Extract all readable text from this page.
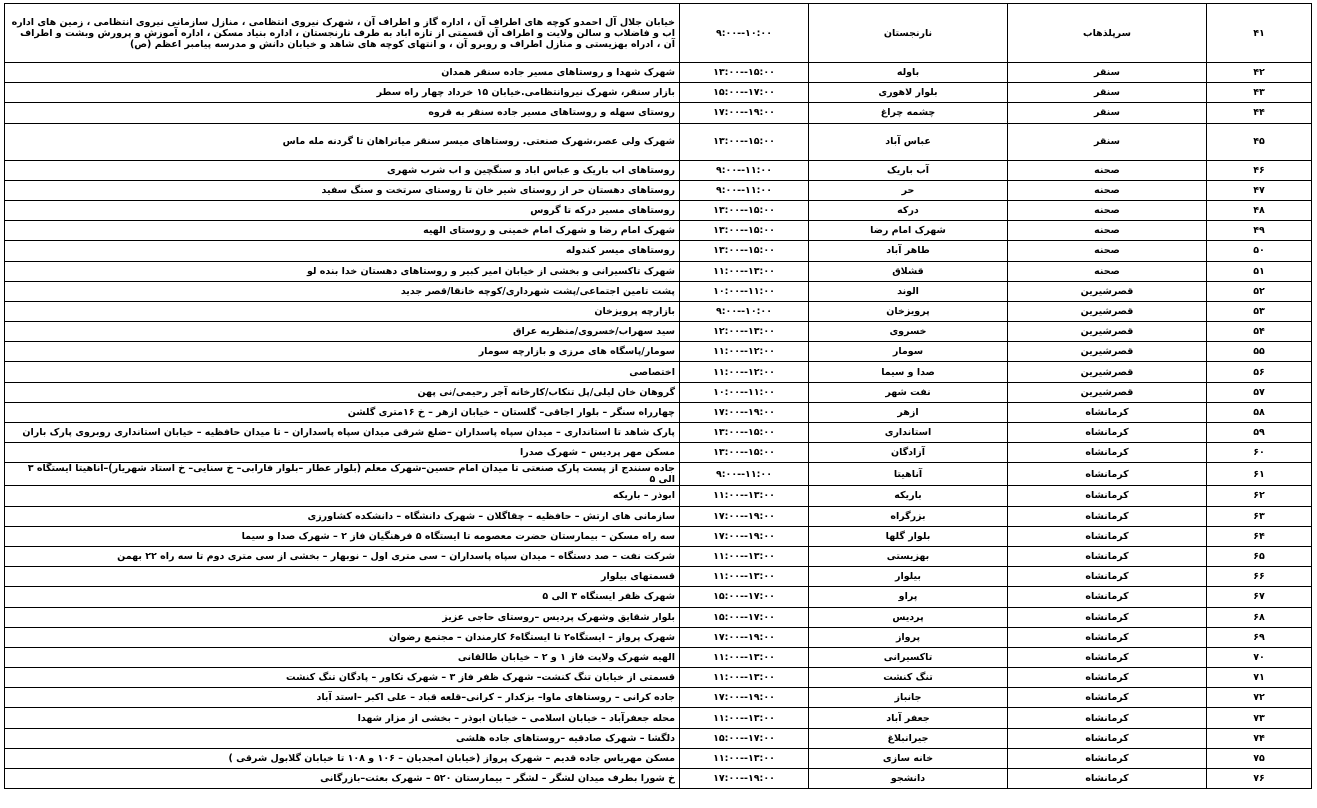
۴۱	سرپلذهاب	نارنجستان	۹:۰۰--۱۰:۰۰	خیابان جلال آل احمدو کوچه های اطراف آن ، اداره گاز و اطراف آن ، شهرک نیروی انتظامی ، منازل سازمانی نیروی انتظامی ، زمین های اداره اب و فاضلاب و سالن ولایت و اطراف آن قسمتی از تازه اباد به طرف نارنجستان ، اداره بنیاد مسکن ، اداره آموزش و پرورش وبشت و اطراف آن ، ادراه بهزیستی و منازل اطراف و روبرو آن ، و انتهای کوچه های شاهد و خیابان دانش و مدرسه پیامبر اعظم (ص)
۴۲	سنقر	باوله	۱۳:۰۰--۱۵:۰۰	شهرک شهدا و روستاهای مسیر جاده سنقر همدان
۴۳	سنقر	بلوار لاهوری	۱۵:۰۰--۱۷:۰۰	بازار سنقر، شهرک نیروانتظامی.خیابان ۱۵ خرداد چهار راه سطر
۴۴	سنقر	چشمه چراغ	۱۷:۰۰--۱۹:۰۰	روستای سهله و روستاهای مسیر جاده سنقر به قروه
۴۵	سنقر	عباس آباد	۱۳:۰۰--۱۵:۰۰	شهرک ولی عصر،شهرک صنعتی. روستاهای میسر سنقر میانراهان تا گردنه مله ماس
۴۶	صحنه	آب باریک	۹:۰۰--۱۱:۰۰	روستاهای اب باریک و عباس اباد و سنگچین و اب شرب شهری
۴۷	صحنه	حر	۹:۰۰--۱۱:۰۰	روستاهای دهستان حر از روستای شیر خان تا روستای سرتخت و سنگ سفید
۴۸	صحنه	درکه	۱۳:۰۰--۱۵:۰۰	روستاهای مسیر درکه تا گروس
۴۹	صحنه	شهرک امام رضا	۱۳:۰۰--۱۵:۰۰	شهرک امام رضا و شهرک امام خمینی و روستای الهیه
۵۰	صحنه	طاهر آباد	۱۳:۰۰--۱۵:۰۰	روستاهای میسر کندوله
۵۱	صحنه	قشلاق	۱۱:۰۰--۱۳:۰۰	شهرک تاکسیرانی و بخشی از خیابان امیر کبیر و روستاهای دهستان خدا بنده لو
۵۲	قصرشیرین	الوند	۱۰:۰۰--۱۱:۰۰	پشت تامین اجتماعی/پشت شهرداری/کوچه خانقا/قصر جدید
۵۳	قصرشیرین	پرویزخان	۹:۰۰--۱۰:۰۰	بازارچه پرویزخان
۵۴	قصرشیرین	خسروی	۱۲:۰۰--۱۳:۰۰	سید سهراب/خسروی/منظریه عراق
۵۵	قصرشیرین	سومار	۱۱:۰۰--۱۲:۰۰	سومار/پاسگاه های مرزی و بازارچه سومار
۵۶	قصرشیرین	صدا و سیما	۱۱:۰۰--۱۲:۰۰	اختصاصی
۵۷	قصرشیرین	نفت شهر	۱۰:۰۰--۱۱:۰۰	گروهان خان لیلی/پل تنکاب/کارخانه آجر رحیمی/نی پهن
۵۸	کرمانشاه	ازهر	۱۷:۰۰--۱۹:۰۰	چهارراه سنگر – بلوار اجاقی– گلستان – خیابان ازهر – خ ۱۶متری گلشن
۵۹	کرمانشاه	استانداری	۱۳:۰۰--۱۵:۰۰	پارک شاهد تا استانداری – میدان سپاه پاسداران –ضلع شرقی میدان سپاه پاسداران – تا میدان حافظیه – خیابان استانداری روبروی پارک باران
۶۰	کرمانشاه	آزادگان	۱۳:۰۰--۱۵:۰۰	مسکن مهر پردیس – شهرک صدرا
۶۱	کرمانشاه	آناهیتا	۹:۰۰--۱۱:۰۰	جاده سنندج از پست پارک صنعتی تا میدان امام حسین–شهرک معلم (بلوار عطار –بلوار فارابی– خ سنایی– خ استاد شهریار)–آناهیتا ایستگاه ۳ الی ۵
۶۲	کرمانشاه	باریکه	۱۱:۰۰--۱۳:۰۰	ابوذر – باریکه
۶۳	کرمانشاه	بزرگراه	۱۷:۰۰--۱۹:۰۰	سازمانی های ارتش – حافظیه – چقاگلان – شهرک دانشگاه – دانشکده کشاورزی
۶۴	کرمانشاه	بلوار گلها	۱۷:۰۰--۱۹:۰۰	سه راه مسکن – بیمارستان حضرت معصومه تا ایستگاه ۵ فرهنگیان فاز ۲ – شهرک صدا و سیما
۶۵	کرمانشاه	بهزیستی	۱۱:۰۰--۱۳:۰۰	شرکت نفت – صد دستگاه – میدان سپاه پاسداران – سی متری اول – نوبهار – بخشی از سی متری دوم تا سه راه ۲۲ بهمن
۶۶	کرمانشاه	بیلوار	۱۱:۰۰--۱۳:۰۰	قسمتهای بیلوار
۶۷	کرمانشاه	پراو	۱۵:۰۰--۱۷:۰۰	شهرک ظفر ایستگاه ۳ الی ۵
۶۸	کرمانشاه	پردیس	۱۵:۰۰--۱۷:۰۰	بلوار شقایق وشهرک پردیس –روستای حاجی عزیز
۶۹	کرمانشاه	پرواز	۱۷:۰۰--۱۹:۰۰	شهرک پرواز – ایستگاه۲ تا ایستگاه۶ کارمندان – مجتمع رضوان
۷۰	کرمانشاه	تاکسیرانی	۱۱:۰۰--۱۳:۰۰	الهیه شهرک ولایت فاز ۱ و ۲ – خیابان طالقانی
۷۱	کرمانشاه	تنگ کنشت	۱۱:۰۰--۱۳:۰۰	قسمتی از خیابان تنگ کنشت– شهرک ظفر فاز ۳ – شهرک تکاور – پادگان تنگ کنشت
۷۲	کرمانشاه	جانباز	۱۷:۰۰--۱۹:۰۰	جاده کرانی – روستاهای ماوا– بزکدار – کرانی–قلعه قباد – علی اکبر –استد آباد
۷۳	کرمانشاه	جعفر آباد	۱۱:۰۰--۱۳:۰۰	محله جعفرآباد – خیابان اسلامی – خیابان ابوذر – بخشی از مزار شهدا
۷۴	کرمانشاه	جیرانبلاغ	۱۵:۰۰--۱۷:۰۰	دلگشا – شهرک صادقیه –روستاهای جاده هلشی
۷۵	کرمانشاه	خانه سازی	۱۱:۰۰--۱۳:۰۰	مسکن مهریاس جاده قدیم – شهرک پرواز (خیابان امجدیان – ۱۰۶ و ۱۰۸ تا خیابان گلابول شرقی )
۷۶	کرمانشاه	دانشجو	۱۷:۰۰--۱۹:۰۰	خ شورا بطرف میدان لشگر – لشگر – بیمارستان ۵۲۰ – شهرک بعثت–بازرگانی
